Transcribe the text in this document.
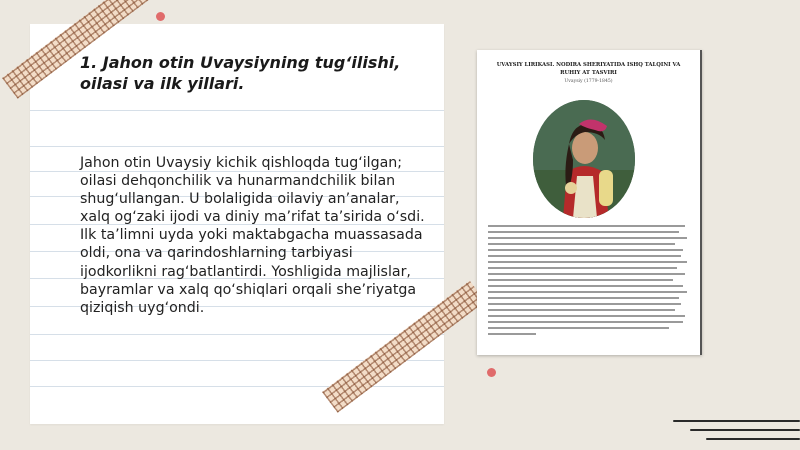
1. Jahon otin Uvaysiyning tug‘ilishi, oilasi va ilk yillari.

Jahon otin Uvaysiy kichik qishloqda tug‘ilgan; oilasi dehqonchilik va hunarmandchilik bilan shug‘ullangan. U bolaligida oilaviy an’analar, xalq og‘zaki ijodi va diniy ma’rifat ta’sirida o‘sdi. Ilk ta’limni uyda yoki maktabgacha muassasada oldi, ona va qarindoshlarning tarbiyasi ijodkorlikni rag‘batlantirdi. Yoshligida majlislar, bayramlar va xalq qo‘shiqlari orqali she’riyatga qiziqish uyg‘ondi.

UVAYSIY LIRIKASI. NODIRA SHERIYATIDA ISHQ TALQINI VA RUHIY AT TASVIRI
Uvaysiy (1779-1845)
